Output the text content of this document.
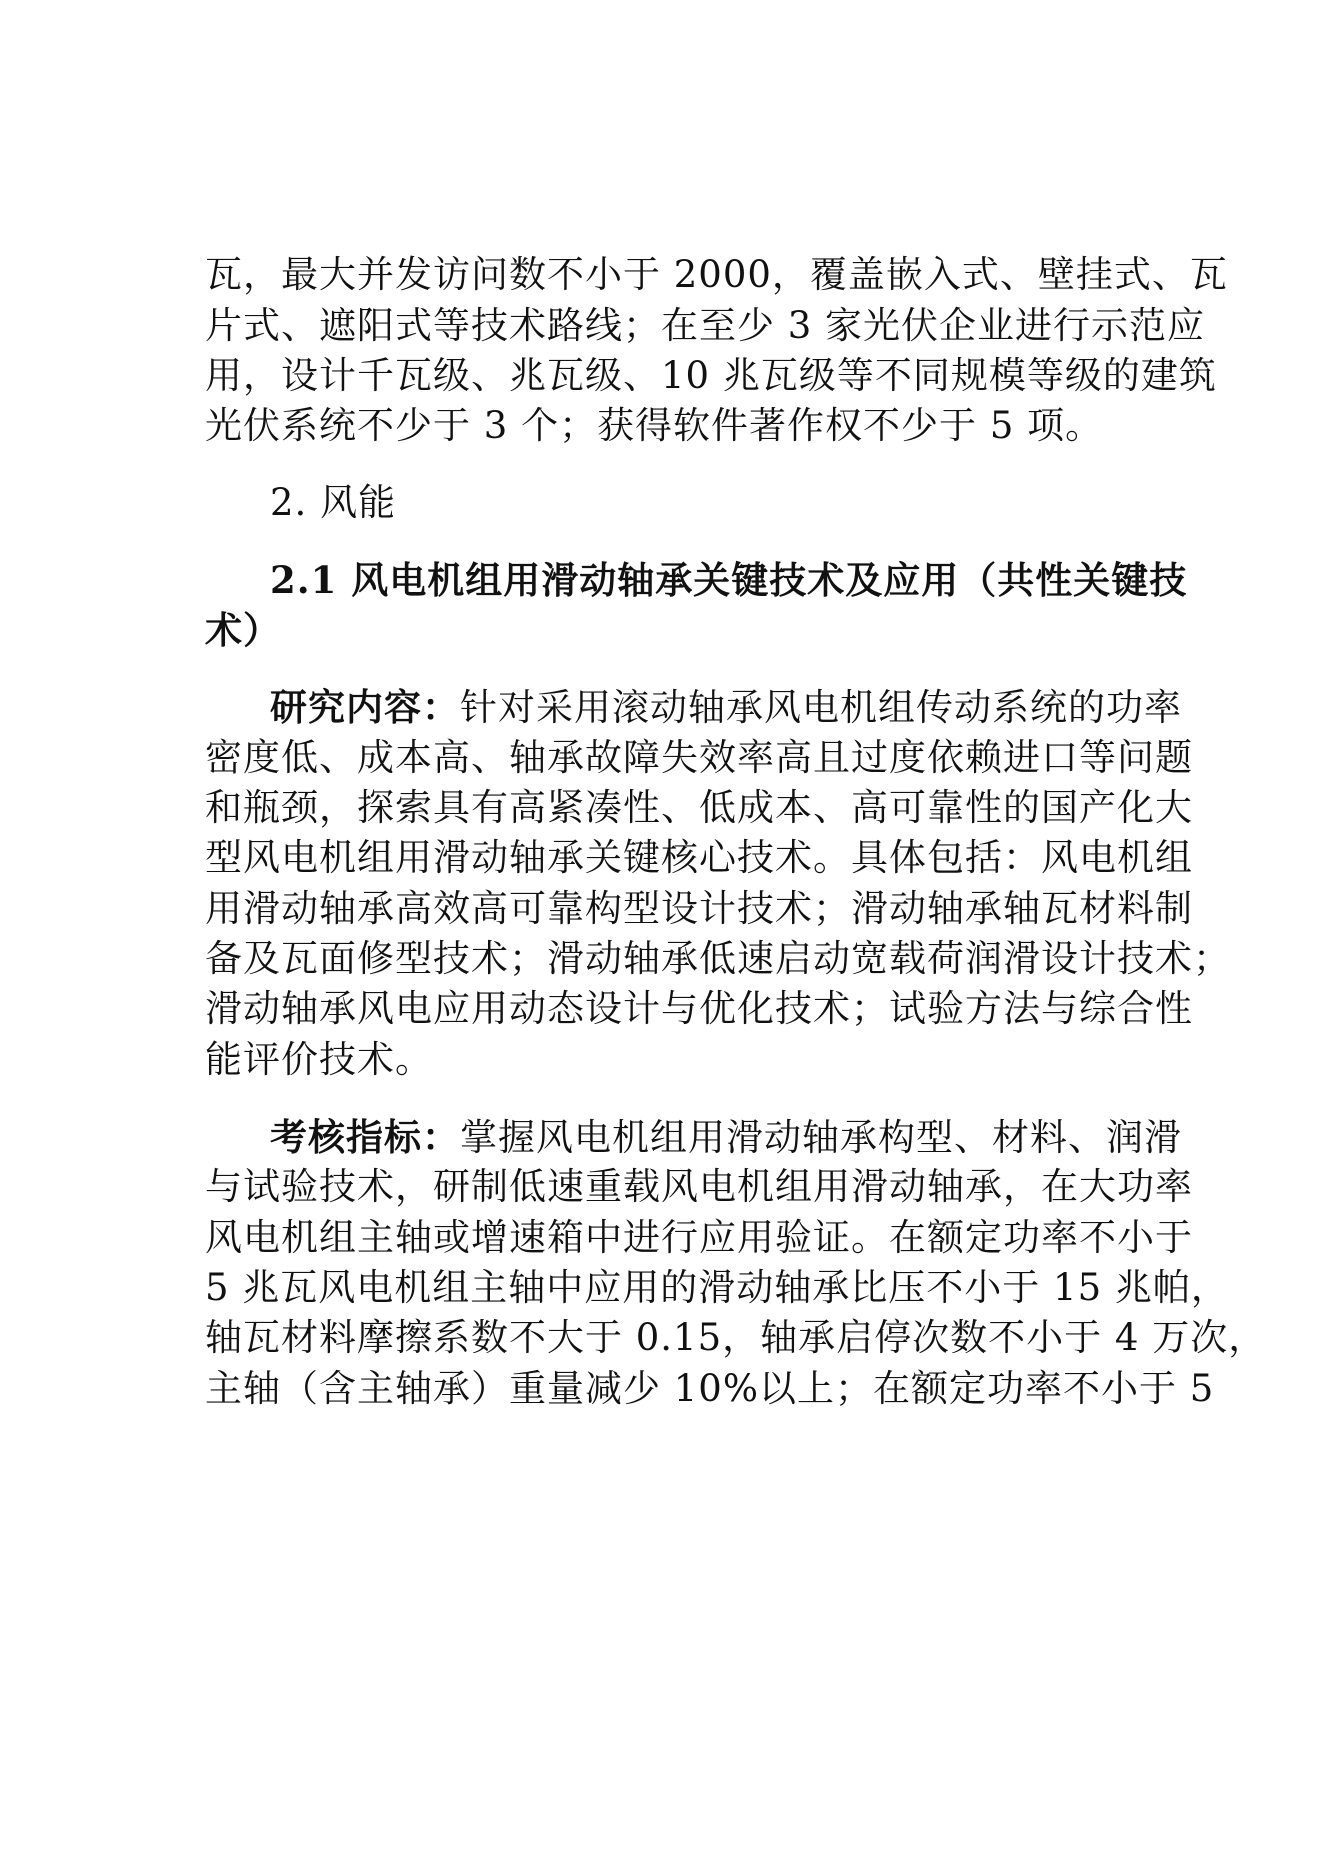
瓦，最大并发访问数不小于 2000，覆盖嵌入式、壁挂式、瓦
片式、遮阳式等技术路线；在至少 3 家光伏企业进行示范应
用，设计千瓦级、兆瓦级、10 兆瓦级等不同规模等级的建筑
光伏系统不少于 3 个；获得软件著作权不少于 5 项。
2. 风能
2.1 风电机组用滑动轴承关键技术及应用（共性关键技
术）
研究内容：针对采用滚动轴承风电机组传动系统的功率
密度低、成本高、轴承故障失效率高且过度依赖进口等问题
和瓶颈，探索具有高紧凑性、低成本、高可靠性的国产化大
型风电机组用滑动轴承关键核心技术。具体包括：风电机组
用滑动轴承高效高可靠构型设计技术；滑动轴承轴瓦材料制
备及瓦面修型技术；滑动轴承低速启动宽载荷润滑设计技术；
滑动轴承风电应用动态设计与优化技术；试验方法与综合性
能评价技术。
考核指标：掌握风电机组用滑动轴承构型、材料、润滑
与试验技术，研制低速重载风电机组用滑动轴承，在大功率
风电机组主轴或增速箱中进行应用验证。在额定功率不小于
5 兆瓦风电机组主轴中应用的滑动轴承比压不小于 15 兆帕，
轴瓦材料摩擦系数不大于 0.15，轴承启停次数不小于 4 万次，
主轴（含主轴承）重量减少 10%以上；在额定功率不小于 5
